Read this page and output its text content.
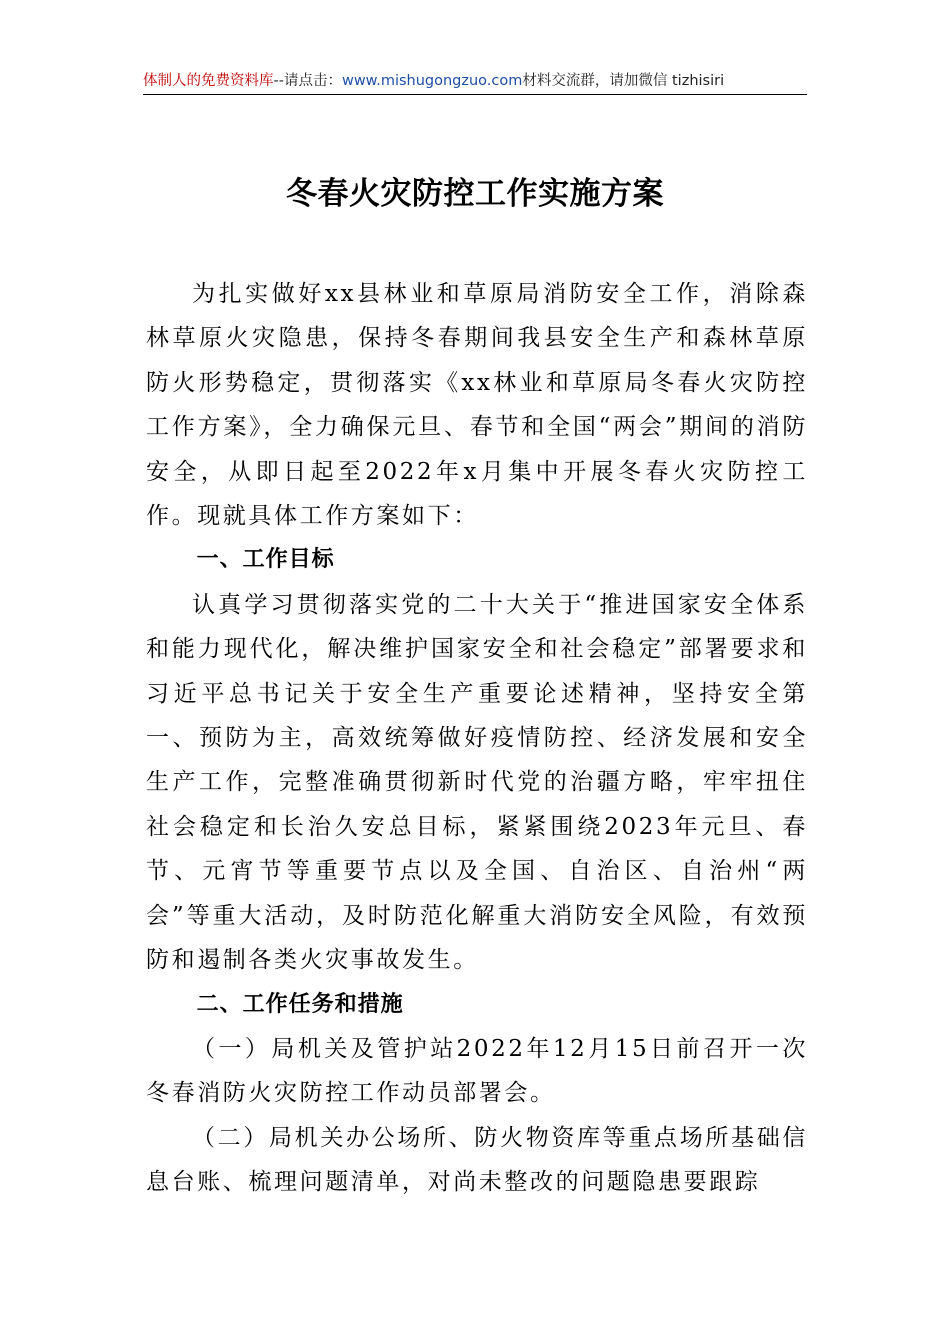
体制人的免费资料库--请点击：www.mishugongzuo.com材料交流群，请加微信 tizhisiri
冬春火灾防控工作实施方案

为扎实做好xx县林业和草原局消防安全工作，消除森林草原火灾隐患，保持冬春期间我县安全生产和森林草原防火形势稳定，贯彻落实《xx林业和草原局冬春火灾防控工作方案》，全力确保元旦、春节和全国“两会”期间的消防安全，从即日起至2022年x月集中开展冬春火灾防控工作。现就具体工作方案如下：

一、工作目标

认真学习贯彻落实党的二十大关于“推进国家安全体系和能力现代化，解决维护国家安全和社会稳定”部署要求和习近平总书记关于安全生产重要论述精神，坚持安全第一、预防为主，高效统筹做好疫情防控、经济发展和安全生产工作，完整准确贯彻新时代党的治疆方略，牢牢扭住社会稳定和长治久安总目标，紧紧围绕2023年元旦、春节、元宵节等重要节点以及全国、自治区、自治州“两会”等重大活动，及时防范化解重大消防安全风险，有效预防和遏制各类火灾事故发生。

二、工作任务和措施

（一）局机关及管护站2022年12月15日前召开一次冬春消防火灾防控工作动员部署会。

（二）局机关办公场所、防火物资库等重点场所基础信息台账、梳理问题清单，对尚未整改的问题隐患要跟踪
